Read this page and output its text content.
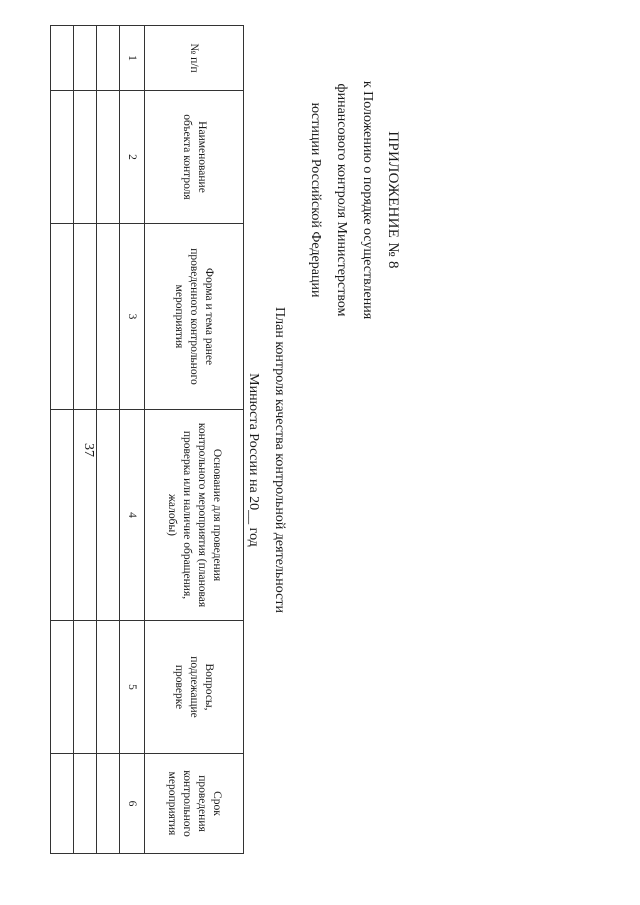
37
ПРИЛОЖЕНИЕ № 8
к Положению о порядке осуществления
финансового контроля Министерством
юстиции Российской Федерации
План контроля качества контрольной деятельности
Минюста России на 20__ год
№ п/п	Наименование объекта контроля	Форма и тема ранее проведенного контрольного мероприятия	Основание для проведения контрольного мероприятия (плановая проверка или наличие обращения, жалобы)	Вопросы, подлежащие проверке	Срок проведения контрольного мероприятия

1	2	3	4	5	6
